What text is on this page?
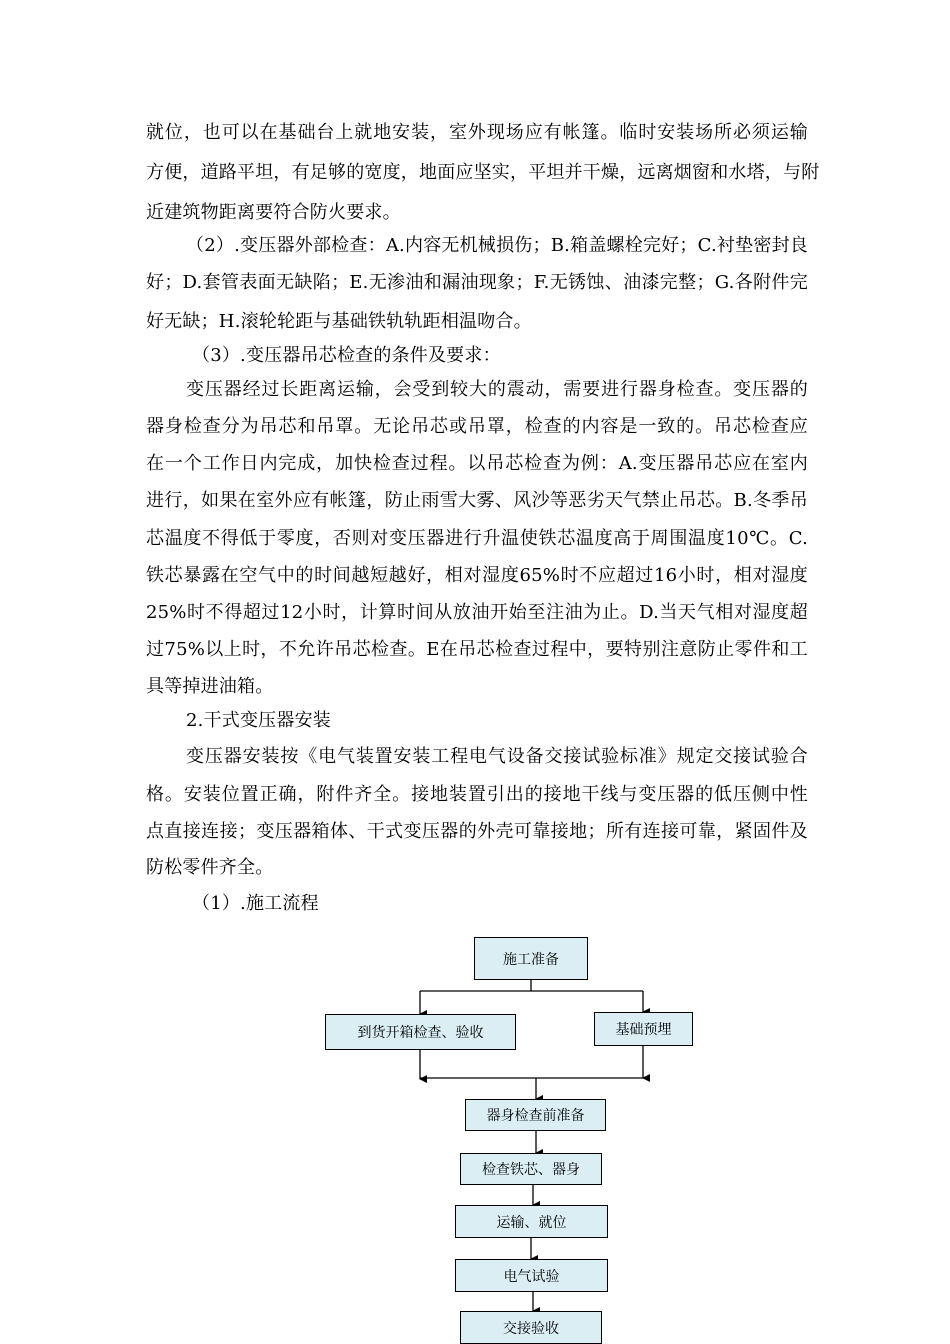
就位，也可以在基础台上就地安装，室外现场应有帐篷。临时安装场所必须运输
方便，道路平坦，有足够的宽度，地面应坚实，平坦并干燥，远离烟窗和水塔，与附
近建筑物距离要符合防火要求。
（2）.变压器外部检查：A.内容无机械损伤；B.箱盖螺栓完好；C.衬垫密封良
好；D.套管表面无缺陷；E.无渗油和漏油现象；F.无锈蚀、油漆完整；G.各附件完
好无缺；H.滚轮轮距与基础铁轨轨距相温吻合。
（3）.变压器吊芯检查的条件及要求：
变压器经过长距离运输，会受到较大的震动，需要进行器身检查。变压器的
器身检查分为吊芯和吊罩。无论吊芯或吊罩，检查的内容是一致的。吊芯检查应
在一个工作日内完成，加快检查过程。以吊芯检查为例：A.变压器吊芯应在室内
进行，如果在室外应有帐篷，防止雨雪大雾、风沙等恶劣天气禁止吊芯。B.冬季吊
芯温度不得低于零度，否则对变压器进行升温使铁芯温度高于周围温度10℃。C.
铁芯暴露在空气中的时间越短越好，相对湿度65%时不应超过16小时，相对湿度
25%时不得超过12小时，计算时间从放油开始至注油为止。D.当天气相对湿度超
过75%以上时，不允许吊芯检查。E在吊芯检查过程中，要特别注意防止零件和工
具等掉进油箱。
2.干式变压器安装
变压器安装按《电气装置安装工程电气设备交接试验标准》规定交接试验合
格。安装位置正确，附件齐全。接地装置引出的接地干线与变压器的低压侧中性
点直接连接；变压器箱体、干式变压器的外壳可靠接地；所有连接可靠，紧固件及
防松零件齐全。
（1）.施工流程
施工准备
到货开箱检查、验收	基础预埋
器身检查前准备
检查铁芯、器身
运输、就位
电气试验
交接验收
